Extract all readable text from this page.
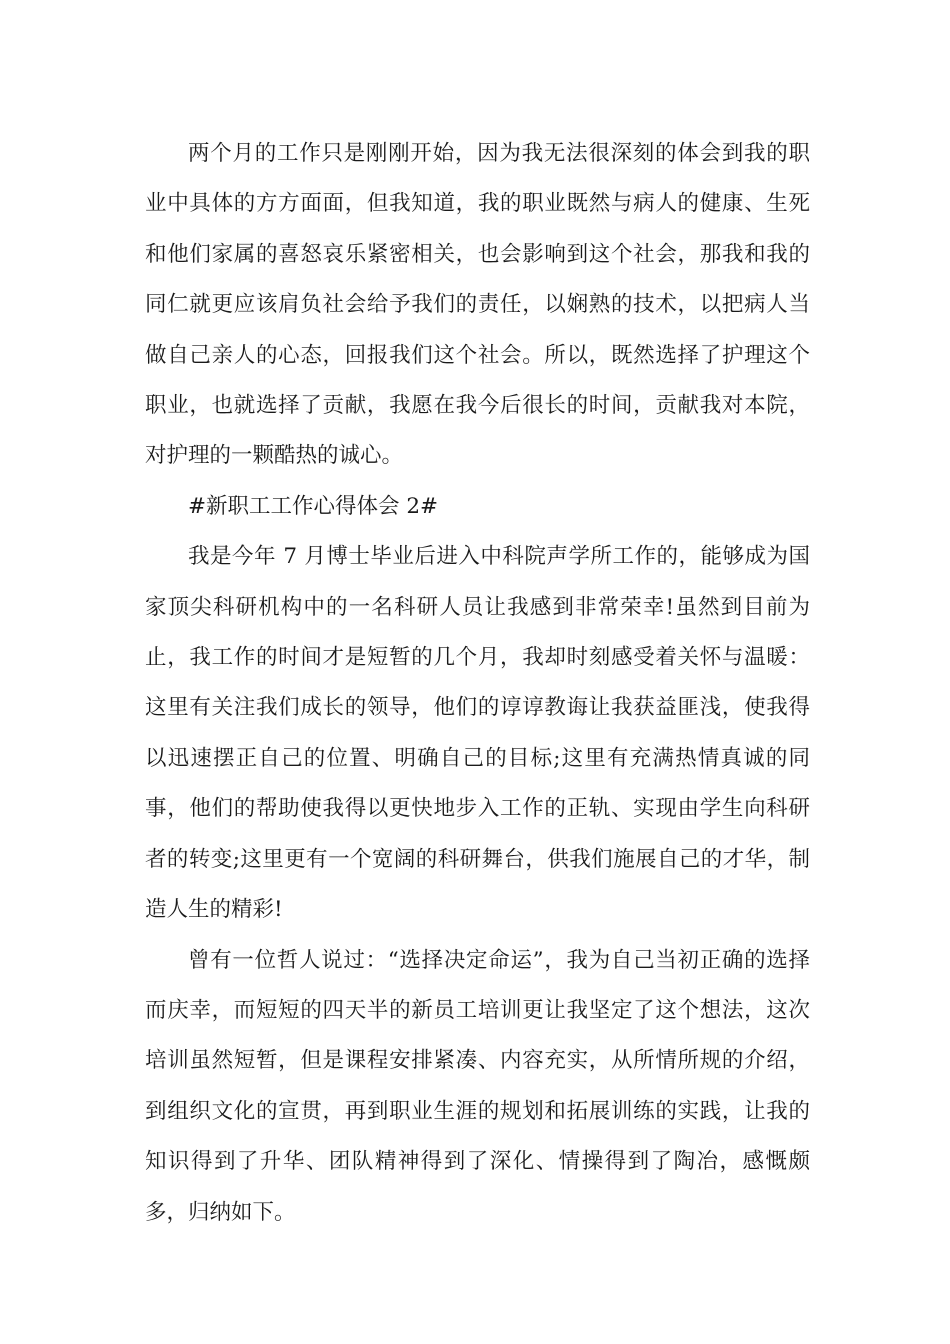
两个月的工作只是刚刚开始，因为我无法很深刻的体会到我的职业中具体的方方面面，但我知道，我的职业既然与病人的健康、生死和他们家属的喜怒哀乐紧密相关，也会影响到这个社会，那我和我的同仁就更应该肩负社会给予我们的责任，以娴熟的技术，以把病人当做自己亲人的心态，回报我们这个社会。所以，既然选择了护理这个职业，也就选择了贡献，我愿在我今后很长的时间，贡献我对本院，对护理的一颗酷热的诚心。

#新职工工作心得体会 2#

我是今年 7 月博士毕业后进入中科院声学所工作的，能够成为国家顶尖科研机构中的一名科研人员让我感到非常荣幸!虽然到目前为止，我工作的时间才是短暂的几个月，我却时刻感受着关怀与温暖：这里有关注我们成长的领导，他们的谆谆教诲让我获益匪浅，使我得以迅速摆正自己的位置、明确自己的目标;这里有充满热情真诚的同事，他们的帮助使我得以更快地步入工作的正轨、实现由学生向科研者的转变;这里更有一个宽阔的科研舞台，供我们施展自己的才华，制造人生的精彩!

曾有一位哲人说过：“选择决定命运”，我为自己当初正确的选择而庆幸，而短短的四天半的新员工培训更让我坚定了这个想法，这次培训虽然短暂，但是课程安排紧凑、内容充实，从所情所规的介绍，到组织文化的宣贯，再到职业生涯的规划和拓展训练的实践，让我的知识得到了升华、团队精神得到了深化、情操得到了陶冶，感慨颇多，归纳如下。
